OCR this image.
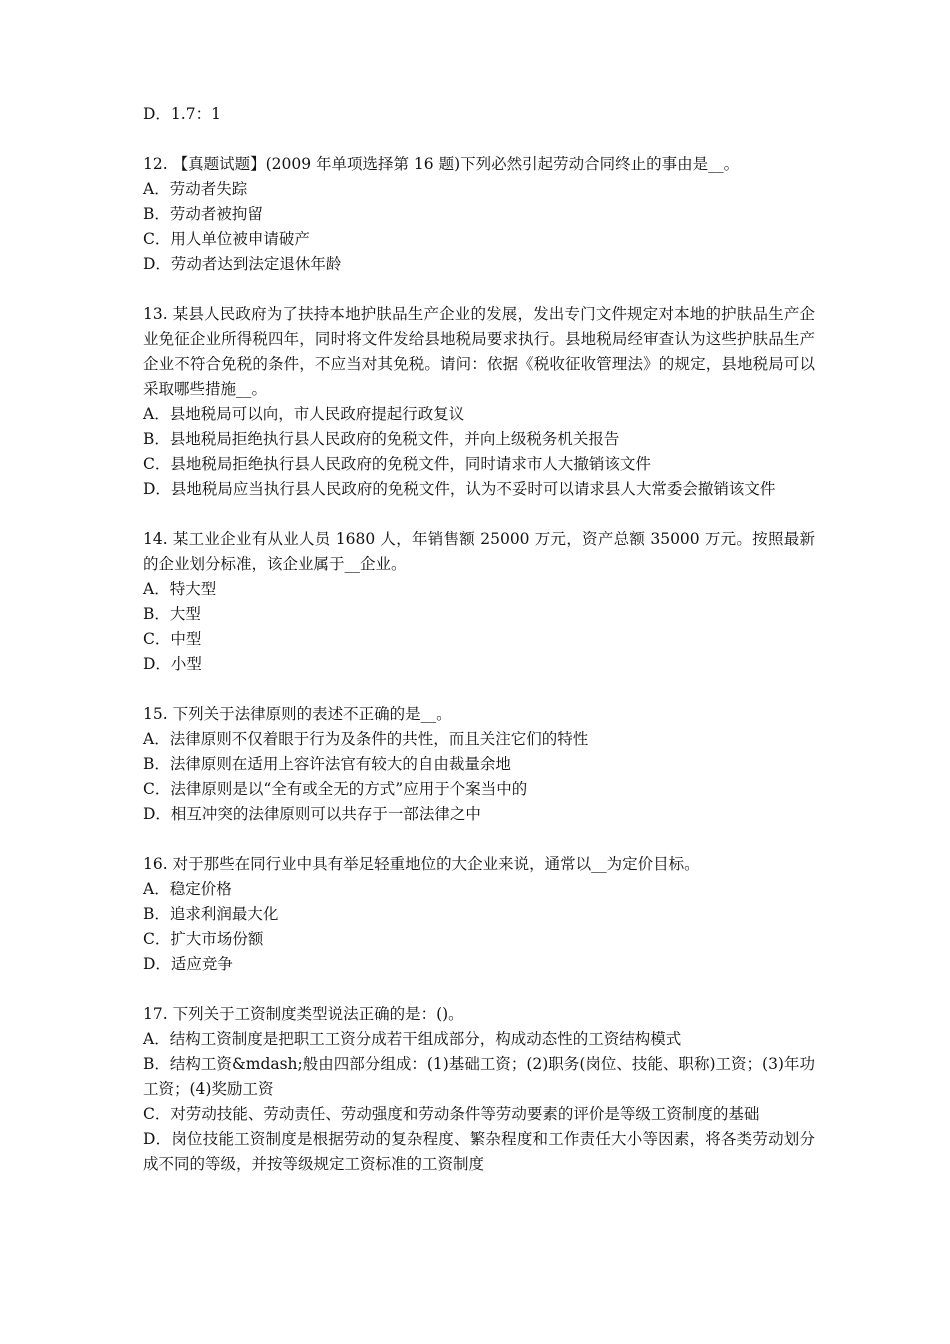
D．1.7：1
12. 【真题试题】(2009 年单项选择第 16 题)下列必然引起劳动合同终止的事由是__。
A．劳动者失踪
B．劳动者被拘留
C．用人单位被申请破产
D．劳动者达到法定退休年龄
13. 某县人民政府为了扶持本地护肤品生产企业的发展，发出专门文件规定对本地的护肤品生产企业免征企业所得税四年，同时将文件发给县地税局要求执行。县地税局经审查认为这些护肤品生产企业不符合免税的条件，不应当对其免税。请问：依据《税收征收管理法》的规定，县地税局可以采取哪些措施__。
A．县地税局可以向，市人民政府提起行政复议
B．县地税局拒绝执行县人民政府的免税文件，并向上级税务机关报告
C．县地税局拒绝执行县人民政府的免税文件，同时请求市人大撤销该文件
D．县地税局应当执行县人民政府的免税文件，认为不妥时可以请求县人大常委会撤销该文件
14. 某工业企业有从业人员 1680 人，年销售额 25000 万元，资产总额 35000 万元。按照最新的企业划分标准，该企业属于__企业。
A．特大型
B．大型
C．中型
D．小型
15. 下列关于法律原则的表述不正确的是__。
A．法律原则不仅着眼于行为及条件的共性，而且关注它们的特性
B．法律原则在适用上容许法官有较大的自由裁量余地
C．法律原则是以“全有或全无的方式”应用于个案当中的
D．相互冲突的法律原则可以共存于一部法律之中
16. 对于那些在同行业中具有举足轻重地位的大企业来说，通常以__为定价目标。
A．稳定价格
B．追求利润最大化
C．扩大市场份额
D．适应竞争
17. 下列关于工资制度类型说法正确的是：()。
A．结构工资制度是把职工工资分成若干组成部分，构成动态性的工资结构模式
B．结构工资&mdash;般由四部分组成：(1)基础工资；(2)职务(岗位、技能、职称)工资；(3)年功工资；(4)奖励工资
C．对劳动技能、劳动责任、劳动强度和劳动条件等劳动要素的评价是等级工资制度的基础
D．岗位技能工资制度是根据劳动的复杂程度、繁杂程度和工作责任大小等因素，将各类劳动划分成不同的等级，并按等级规定工资标准的工资制度
